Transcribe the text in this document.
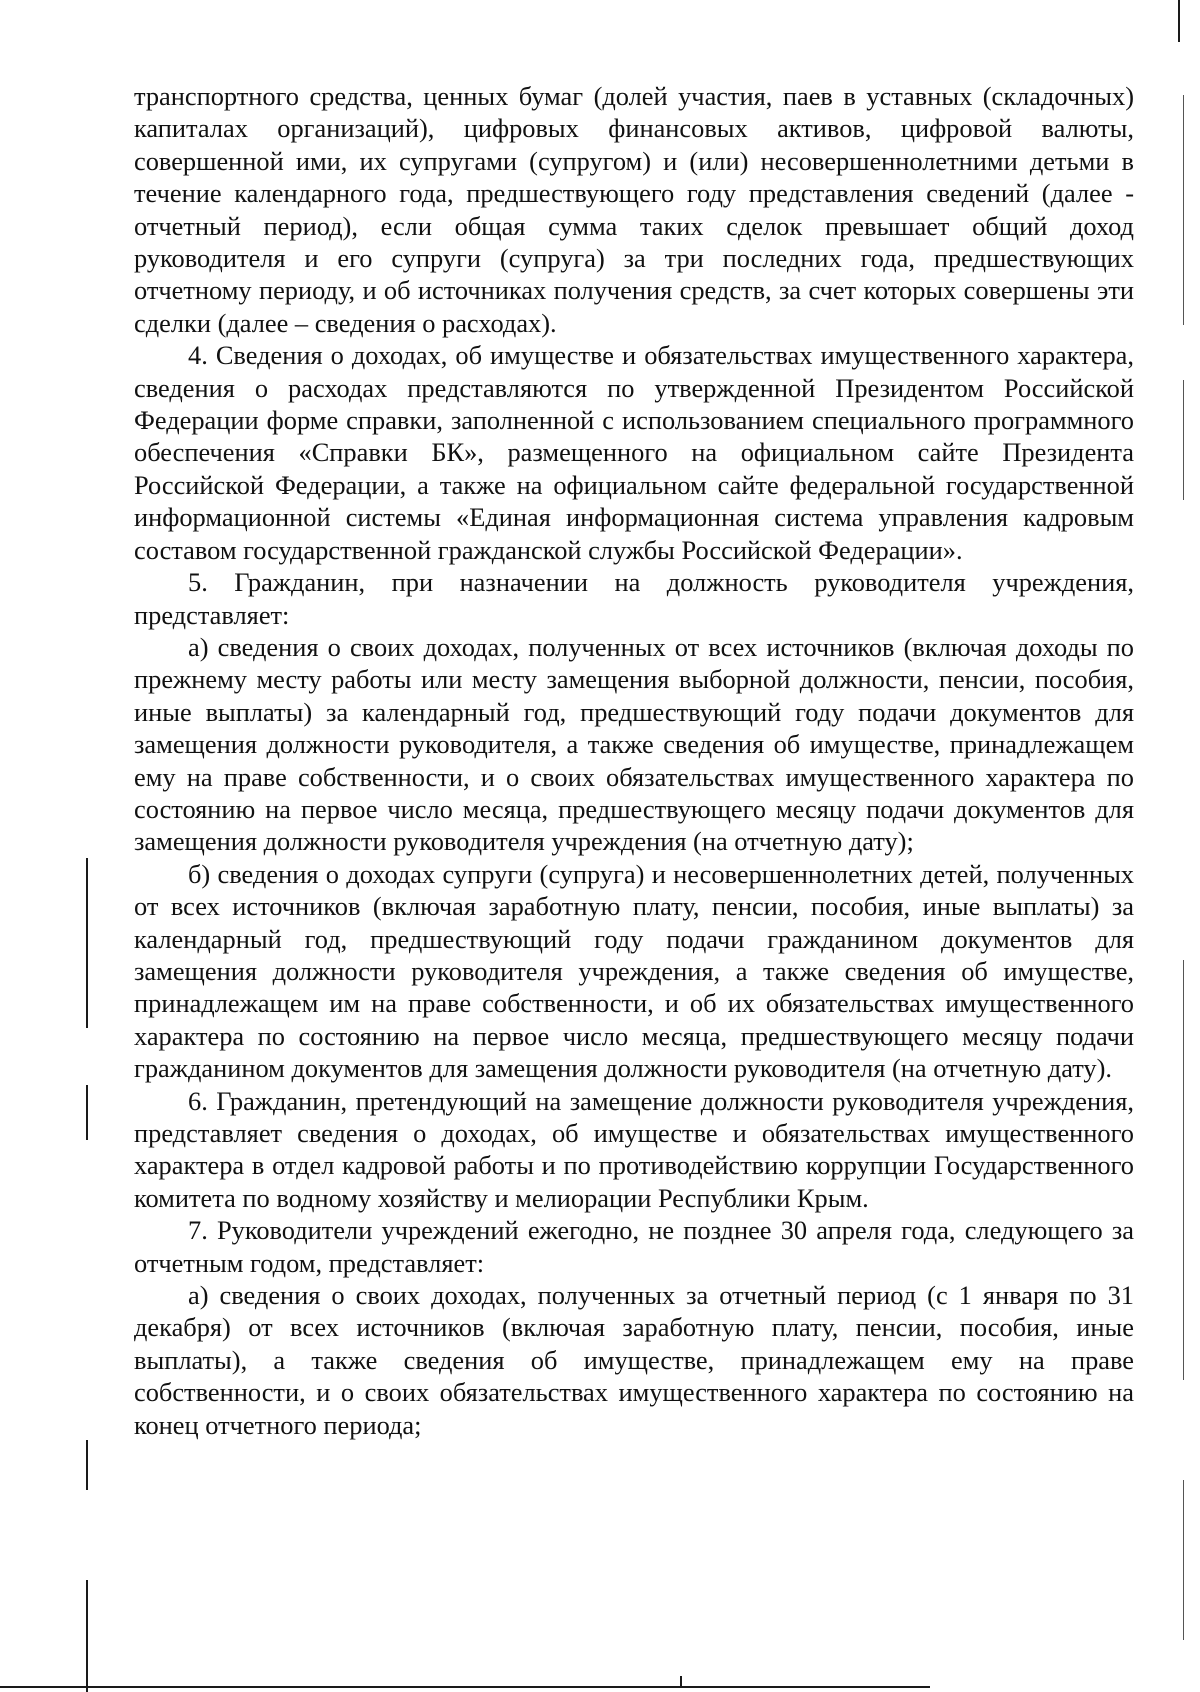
транспортного средства, ценных бумаг (долей участия, паев в уставных (складочных) капиталах организаций), цифровых финансовых активов, цифровой валюты, совершенной ими, их супругами (супругом) и (или) несовершеннолетними детьми в течение календарного года, предшествующего году представления сведений (далее - отчетный период), если общая сумма таких сделок превышает общий доход руководителя и его супруги (супруга) за три последних года, предшествующих отчетному периоду, и об источниках получения средств, за счет которых совершены эти сделки (далее – сведения о расходах).

4. Сведения о доходах, об имуществе и обязательствах имущественного характера, сведения о расходах представляются по утвержденной Президентом Российской Федерации форме справки, заполненной с использованием специального программного обеспечения «Справки БК», размещенного на официальном сайте Президента Российской Федерации, а также на официальном сайте федеральной государственной информационной системы «Единая информационная система управления кадровым составом государственной гражданской службы Российской Федерации».

5. Гражданин, при назначении на должность руководителя учреждения, представляет:

а) сведения о своих доходах, полученных от всех источников (включая доходы по прежнему месту работы или месту замещения выборной должности, пенсии, пособия, иные выплаты) за календарный год, предшествующий году подачи документов для замещения должности руководителя, а также сведения об имуществе, принадлежащем ему на праве собственности, и о своих обязательствах имущественного характера по состоянию на первое число месяца, предшествующего месяцу подачи документов для замещения должности руководителя учреждения (на отчетную дату);

б) сведения о доходах супруги (супруга) и несовершеннолетних детей, полученных от всех источников (включая заработную плату, пенсии, пособия, иные выплаты) за календарный год, предшествующий году подачи гражданином документов для замещения должности руководителя учреждения, а также сведения об имуществе, принадлежащем им на праве собственности, и об их обязательствах имущественного характера по состоянию на первое число месяца, предшествующего месяцу подачи гражданином документов для замещения должности руководителя (на отчетную дату).

6. Гражданин, претендующий на замещение должности руководителя учреждения, представляет сведения о доходах, об имуществе и обязательствах имущественного характера в отдел кадровой работы и по противодействию коррупции Государственного комитета по водному хозяйству и мелиорации Республики Крым.

7. Руководители учреждений ежегодно, не позднее 30 апреля года, следующего за отчетным годом, представляет:

а) сведения о своих доходах, полученных за отчетный период (с 1 января по 31 декабря) от всех источников (включая заработную плату, пенсии, пособия, иные выплаты), а также сведения об имуществе, принадлежащем ему на праве собственности, и о своих обязательствах имущественного характера по состоянию на конец отчетного периода;
